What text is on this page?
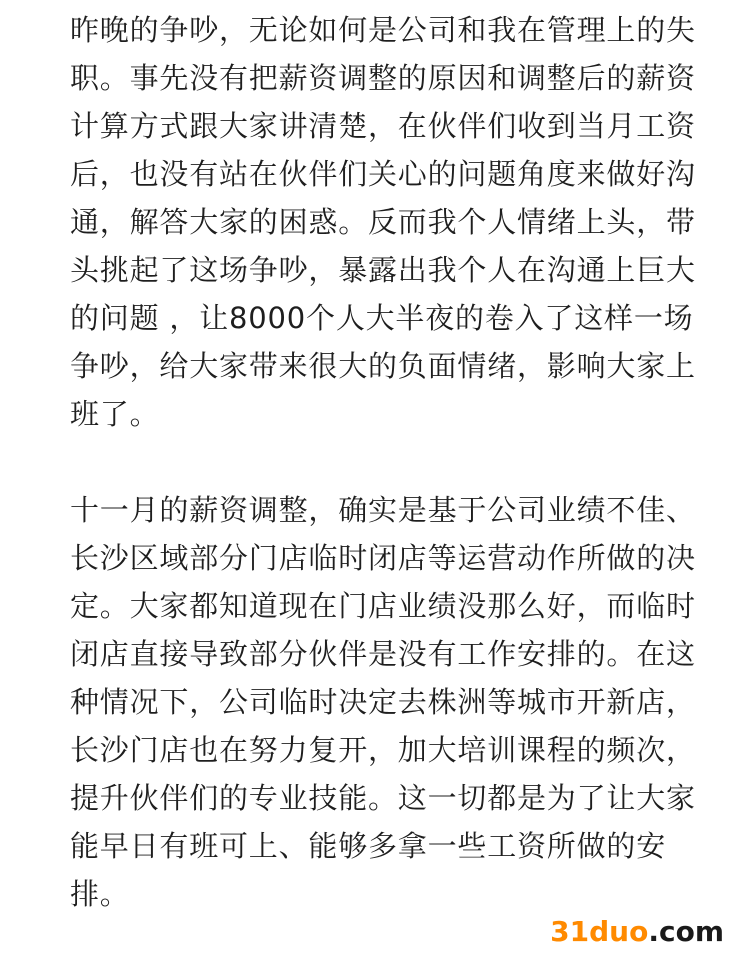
昨晚的争吵，无论如何是公司和我在管理上的失
职。事先没有把薪资调整的原因和调整后的薪资
计算方式跟大家讲清楚，在伙伴们收到当月工资
后，也没有站在伙伴们关心的问题角度来做好沟
通，解答大家的困惑。反而我个人情绪上头，带
头挑起了这场争吵，暴露出我个人在沟通上巨大
的问题 ，让8000个人大半夜的卷入了这样一场
争吵，给大家带来很大的负面情绪，影响大家上
班了。
十一月的薪资调整，确实是基于公司业绩不佳、
长沙区域部分门店临时闭店等运营动作所做的决
定。大家都知道现在门店业绩没那么好，而临时
闭店直接导致部分伙伴是没有工作安排的。在这
种情况下，公司临时决定去株洲等城市开新店，
长沙门店也在努力复开，加大培训课程的频次，
提升伙伴们的专业技能。这一切都是为了让大家
能早日有班可上、能够多拿一些工资所做的安
排。
31duo.com
